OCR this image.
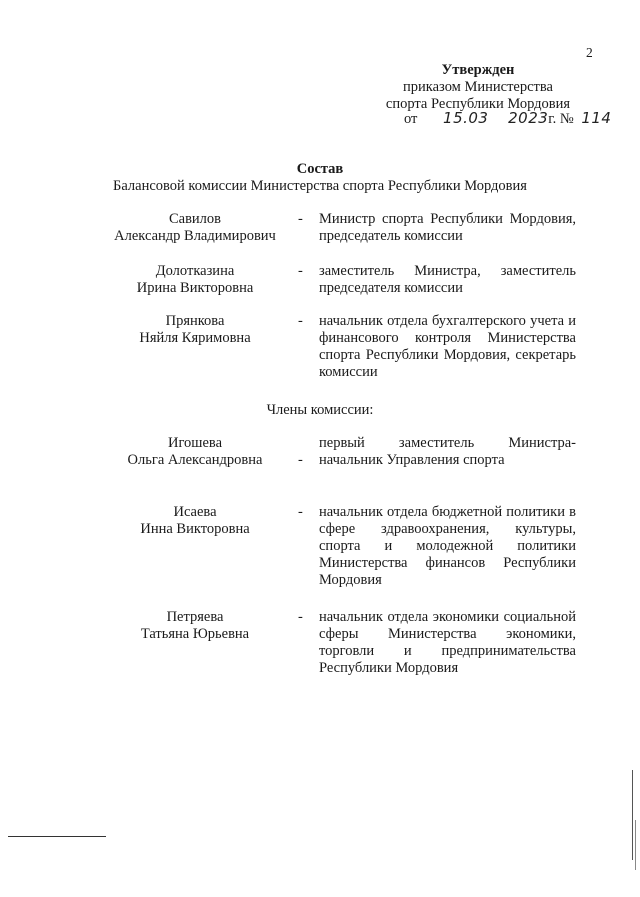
2
Утвержден
приказом Министерства
спорта Республики Мордовия
от 15.03 2023г. № 114
Состав
Балансовой комиссии Министерства спорта Республики Мордовия
Савилов
Александр Владимирович
- Министр спорта Республики Мордовия, председатель комиссии
Долотказина
Ирина Викторовна
- заместитель Министра, заместитель председателя комиссии
Прянкова
Няйля Кяримовна
- начальник отдела бухгалтерского учета и финансового контроля Министерства спорта Республики Мордовия, секретарь комиссии
Члены комиссии:
Игошева
Ольга Александровна	-
первый заместитель Министра-начальник Управления спорта
Исаева
Инна Викторовна
- начальник отдела бюджетной политики в сфере здравоохранения, культуры, спорта и молодежной политики Министерства финансов Республики Мордовия
Петряева
Татьяна Юрьевна
- начальник отдела экономики социальной сферы Министерства экономики, торговли и предпринимательства Республики Мордовия
